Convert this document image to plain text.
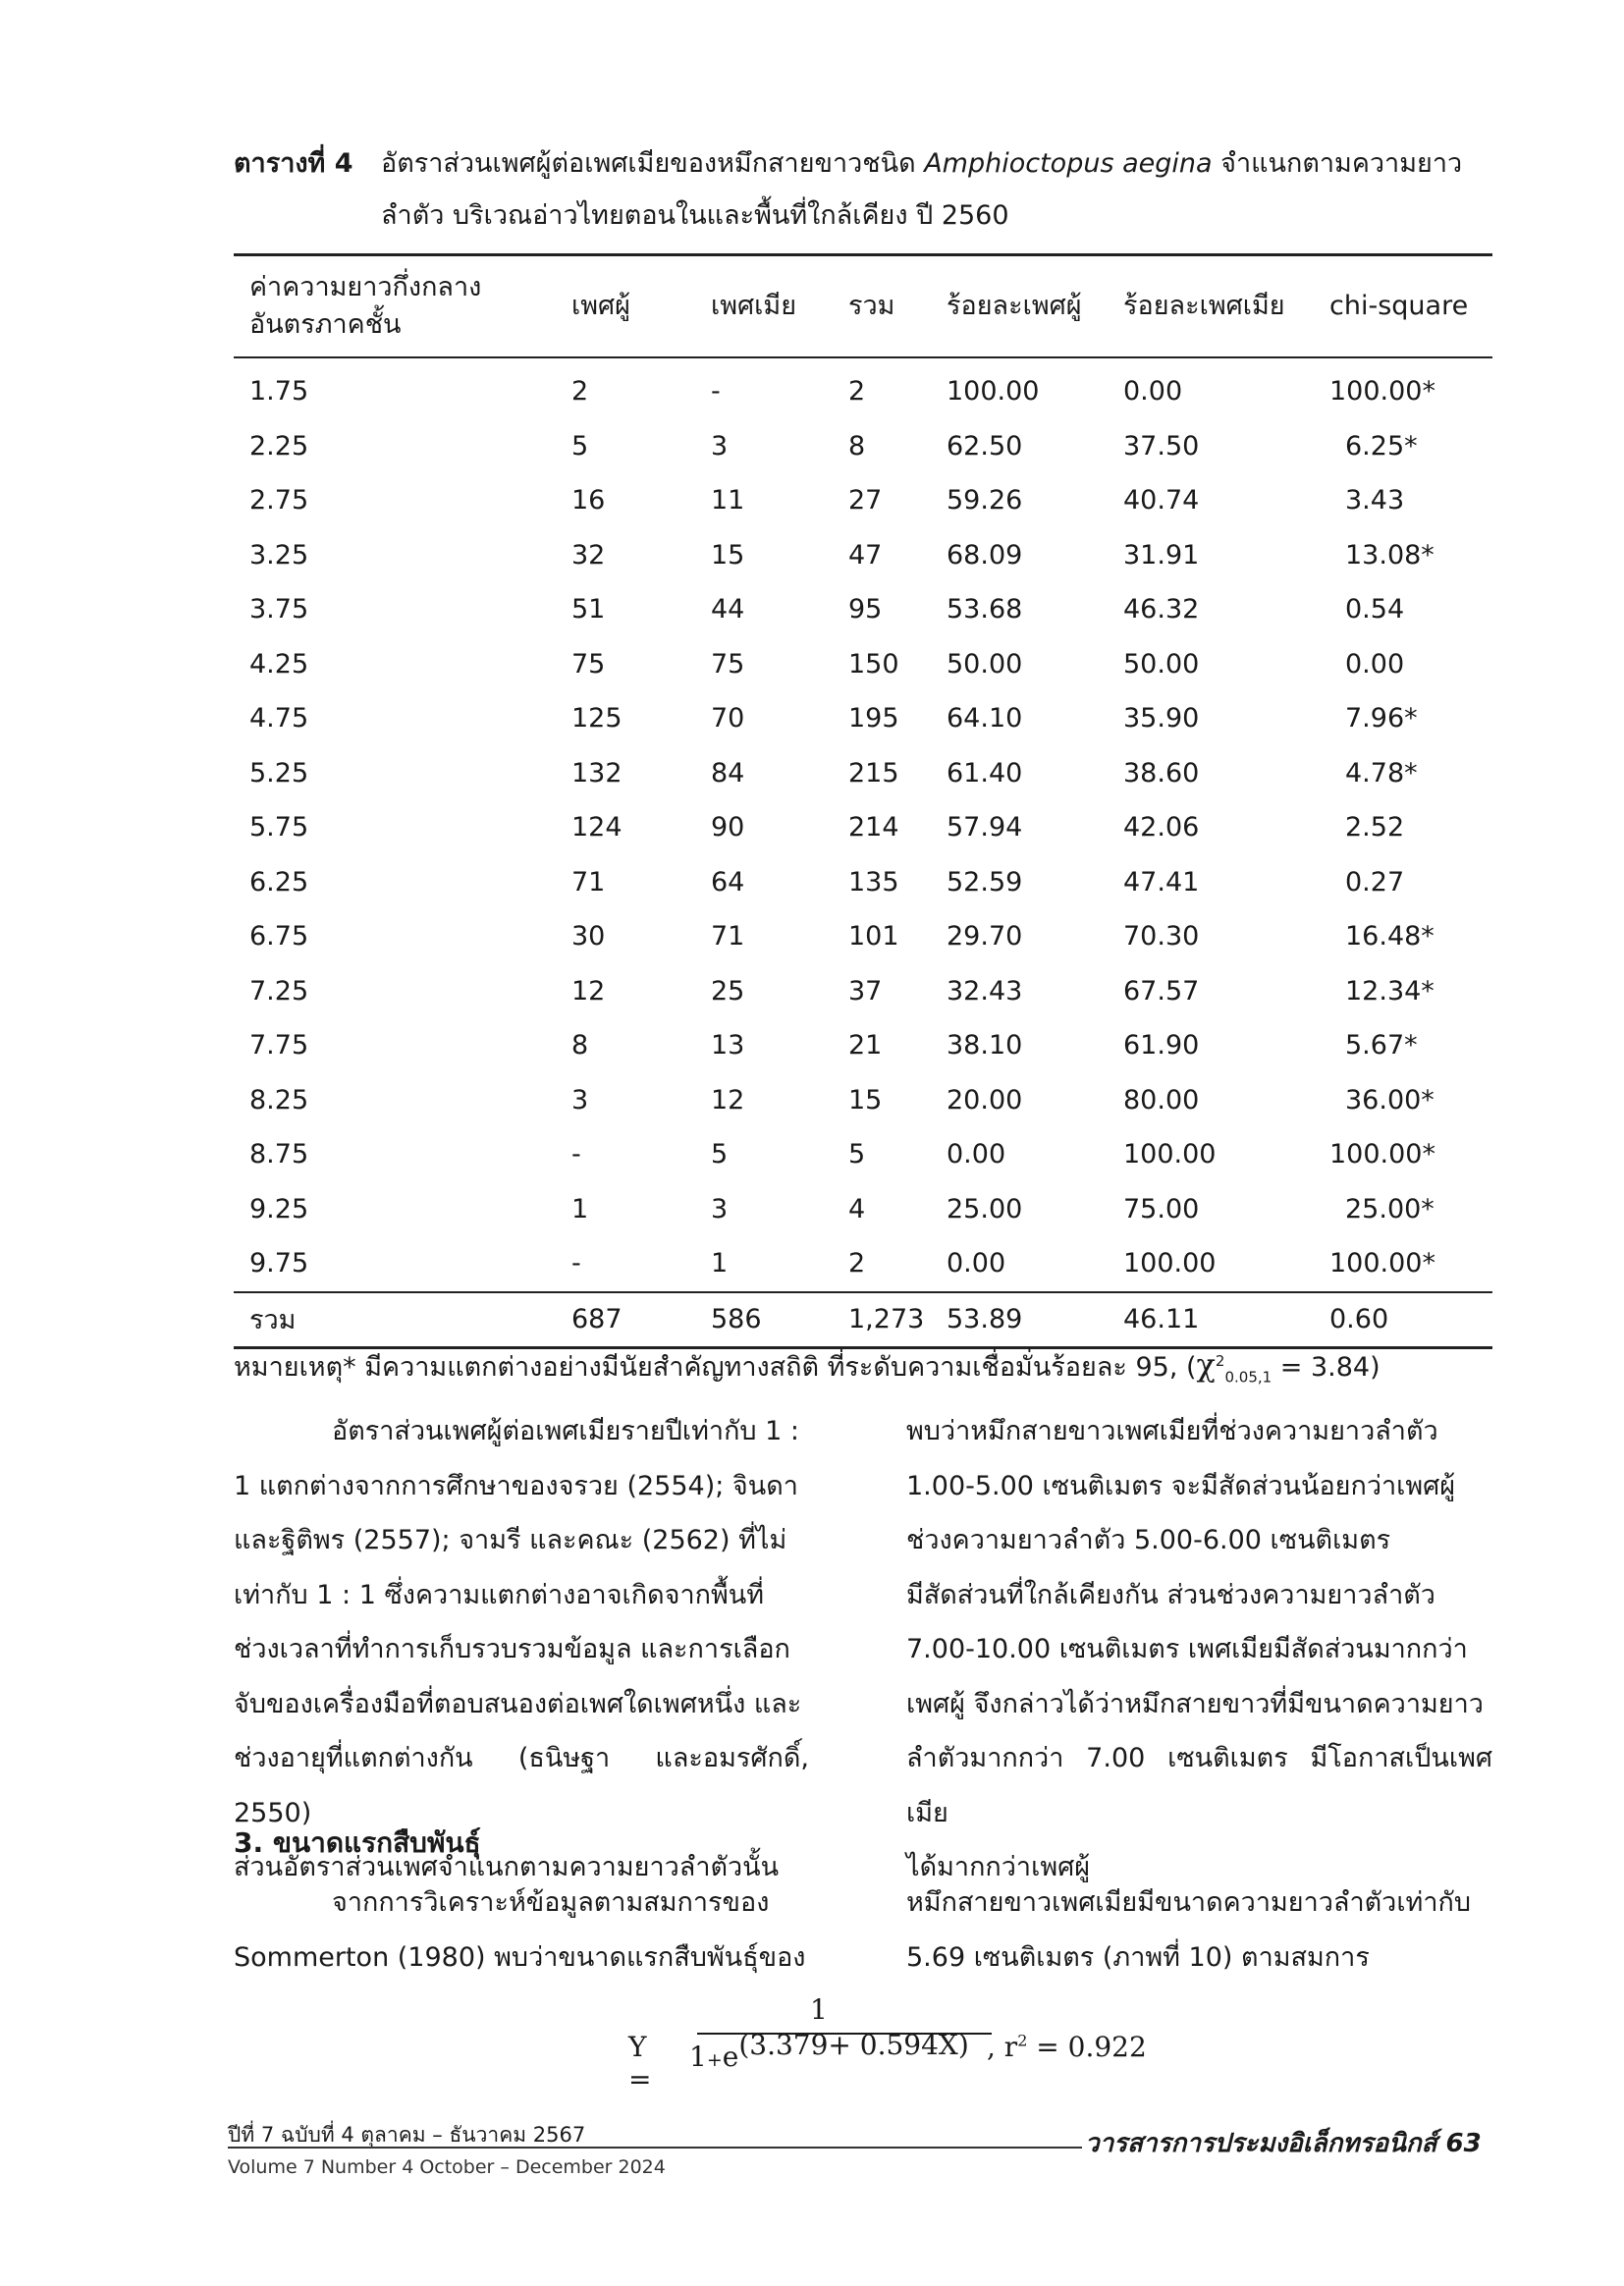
ตารางที่ 4	อัตราส่วนเพศผู้ต่อเพศเมียของหมึกสายขาวชนิด Amphioctopus aegina จำแนกตามความยาว
ลำตัว บริเวณอ่าวไทยตอนในและพื้นที่ใกล้เคียง ปี 2560
ค่าความยาวกึ่งกลาง
อันตรภาคชั้น	เพศผู้	เพศเมีย	รวม	ร้อยละเพศผู้	ร้อยละเพศเมีย	chi-square
1.75	2	-	2	100.00	0.00	100.00*
2.25	5	3	8	62.50	37.50	6.25*
2.75	16	11	27	59.26	40.74	3.43
3.25	32	15	47	68.09	31.91	13.08*
3.75	51	44	95	53.68	46.32	0.54
4.25	75	75	150	50.00	50.00	0.00
4.75	125	70	195	64.10	35.90	7.96*
5.25	132	84	215	61.40	38.60	4.78*
5.75	124	90	214	57.94	42.06	2.52
6.25	71	64	135	52.59	47.41	0.27
6.75	30	71	101	29.70	70.30	16.48*
7.25	12	25	37	32.43	67.57	12.34*
7.75	8	13	21	38.10	61.90	5.67*
8.25	3	12	15	20.00	80.00	36.00*
8.75	-	5	5	0.00	100.00	100.00*
9.25	1	3	4	25.00	75.00	25.00*
9.75	-	1	2	0.00	100.00	100.00*
รวม	687	586	1,273	53.89	46.11	0.60
หมายเหตุ* มีความแตกต่างอย่างมีนัยสำคัญทางสถิติ ที่ระดับความเชื่อมั่นร้อยละ 95, $(\chi^2_{0.05,1} = 3.84)$

อัตราส่วนเพศผู้ต่อเพศเมียรายปีเท่ากับ 1 :

1 แตกต่างจากการศึกษาของจรวย (2554); จินดา

และฐิติพร (2557); จามรี และคณะ (2562) ที่ไม่

เท่ากับ 1 : 1 ซึ่งความแตกต่างอาจเกิดจากพื้นที่

ช่วงเวลาที่ทำการเก็บรวบรวมข้อมูล และการเลือก

จับของเครื่องมือที่ตอบสนองต่อเพศใดเพศหนึ่ง และ

ช่วงอายุที่แตกต่างกัน (ธนิษฐา และอมรศักดิ์, 2550)

ส่วนอัตราส่วนเพศจำแนกตามความยาวลำตัวนั้น

พบว่าหมึกสายขาวเพศเมียที่ช่วงความยาวลำตัว

1.00-5.00 เซนติเมตร จะมีสัดส่วนน้อยกว่าเพศผู้

ช่วงความยาวลำตัว 5.00-6.00 เซนติเมตร

มีสัดส่วนที่ใกล้เคียงกัน ส่วนช่วงความยาวลำตัว

7.00-10.00 เซนติเมตร เพศเมียมีสัดส่วนมากกว่า

เพศผู้ จึงกล่าวได้ว่าหมึกสายขาวที่มีขนาดความยาว

ลำตัวมากกว่า 7.00 เซนติเมตร มีโอกาสเป็นเพศเมีย

ได้มากกว่าเพศผู้

3. ขนาดแรกสืบพันธุ์

จากการวิเคราะห์ข้อมูลตามสมการของ

Sommerton (1980) พบว่าขนาดแรกสืบพันธุ์ของ

หมึกสายขาวเพศเมียมีขนาดความยาวลำตัวเท่ากับ

5.69 เซนติเมตร (ภาพที่ 10) ตามสมการ

Y =
1
1+e(3.379+ 0.594X) , $r^2 = 0.922$
ปีที่ 7 ฉบับที่ 4 ตุลาคม – ธันวาคม 2567	วารสารการประมงอิเล็กทรอนิกส์ 63
Volume 7 Number 4 October – December 2024
